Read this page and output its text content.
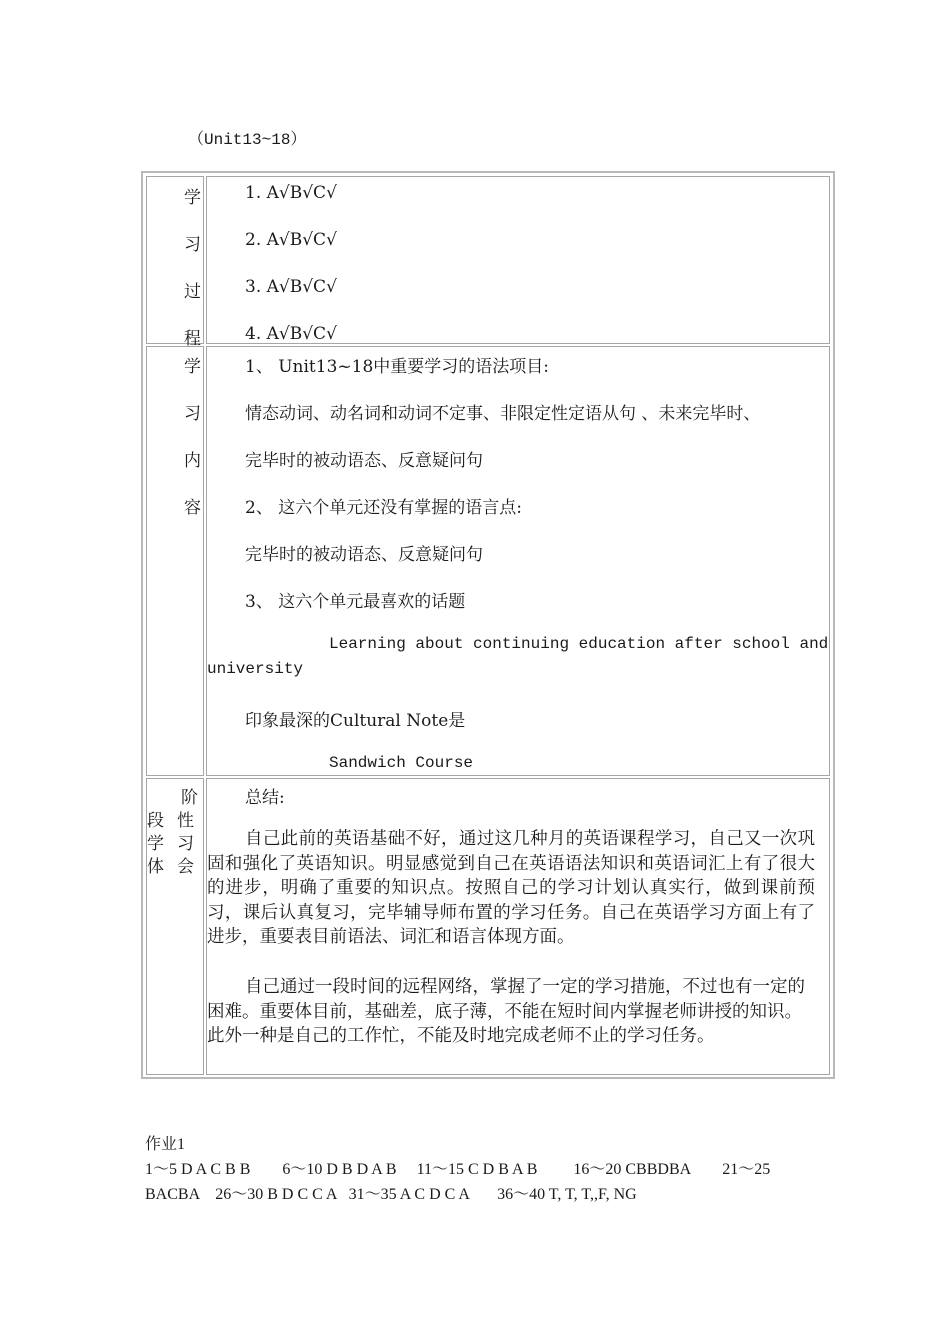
（Unit13~18）
学
习
过
程
1. A√B√C√
2. A√B√C√
3. A√B√C√
4. A√B√C√
学
习
内
容
1、 Unit13~18中重要学习的语法项目:
情态动词、动名词和动词不定事、非限定性定语从句 、未来完毕时、
完毕时的被动语态、反意疑问句
2、 这六个单元还没有掌握的语言点:
完毕时的被动语态、反意疑问句
3、 这六个单元最喜欢的话题
Learning about continuing education after school and
university
印象最深的Cultural Note是
Sandwich Course
阶
段 性
学 习
体 会
总结:
自己此前的英语基础不好，通过这几种月的英语课程学习，自己又一次巩固和强化了英语知识。明显感觉到自己在英语语法知识和英语词汇上有了很大的进步，明确了重要的知识点。按照自己的学习计划认真实行，做到课前预习，课后认真复习，完毕辅导师布置的学习任务。自己在英语学习方面上有了进步，重要表目前语法、词汇和语言体现方面。
自己通过一段时间的远程网络，掌握了一定的学习措施，不过也有一定的困难。重要体目前，基础差，底子薄，不能在短时间内掌握老师讲授的知识。此外一种是自己的工作忙，不能及时地完成老师不止的学习任务。
作业1
1～5 D A C B B        6～10 D B D A B     11～15 C D B A B         16～20 CBBDBA        21～25
BACBA    26～30 B D C C A   31～35 A C D C A       36～40 T, T, T,,F, NG
